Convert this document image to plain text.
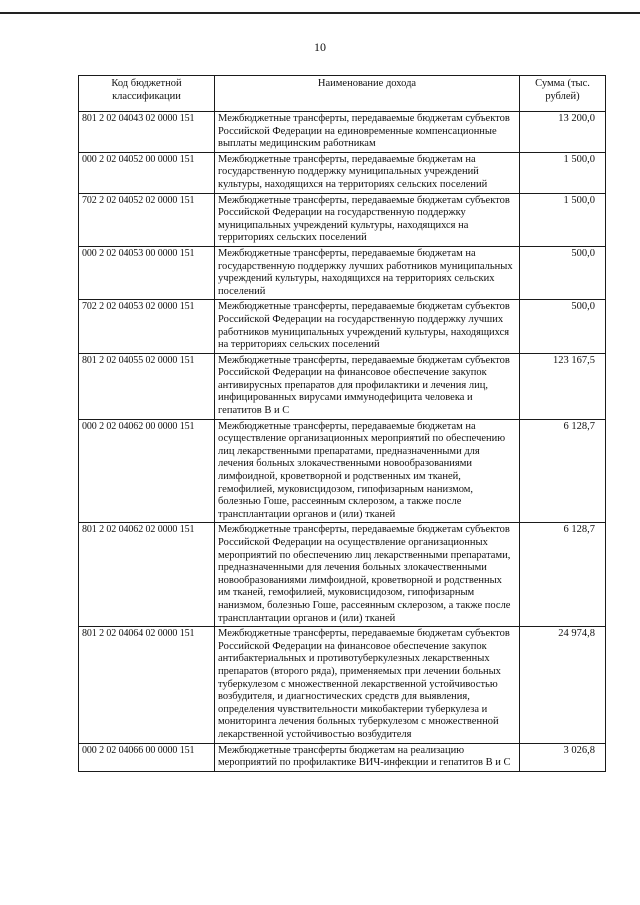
10
Код бюджетной классификации	Наименование дохода	Сумма (тыс. рублей)
801 2 02 04043 02 0000 151	Межбюджетные трансферты, передаваемые бюджетам субъектов Российской Федерации на единовременные компенсационные выплаты медицинским работникам	13 200,0
000 2 02 04052 00 0000 151	Межбюджетные трансферты, передаваемые бюджетам на государственную поддержку муниципальных учреждений культуры, находящихся на территориях сельских поселений	1 500,0
702 2 02 04052 02 0000 151	Межбюджетные трансферты, передаваемые бюджетам субъектов Российской Федерации на государственную поддержку муниципальных учреждений культуры, находящихся на территориях сельских поселений	1 500,0
000 2 02 04053 00 0000 151	Межбюджетные трансферты, передаваемые бюджетам на государственную поддержку лучших работников муниципальных учреждений культуры, находящихся на территориях сельских поселений	500,0
702 2 02 04053 02 0000 151	Межбюджетные трансферты, передаваемые бюджетам субъектов Российской Федерации на государственную поддержку лучших работников муниципальных учреждений культуры, находящихся на территориях сельских поселений	500,0
801 2 02 04055 02 0000 151	Межбюджетные трансферты, передаваемые бюджетам субъектов Российской Федерации на финансовое обеспечение закупок антивирусных препаратов для профилактики и лечения лиц, инфицированных вирусами иммунодефицита человека и гепатитов В и С	123 167,5
000 2 02 04062 00 0000 151	Межбюджетные трансферты, передаваемые бюджетам на осуществление организационных мероприятий по обеспечению лиц лекарственными препаратами, предназначенными для лечения больных злокачественными новообразованиями лимфоидной, кроветворной и родственных им тканей, гемофилией, муковисцидозом, гипофизарным нанизмом, болезнью Гоше, рассеянным склерозом, а также после трансплантации органов и (или) тканей	6 128,7
801 2 02 04062 02 0000 151	Межбюджетные трансферты, передаваемые бюджетам субъектов Российской Федерации на осуществление организационных мероприятий по обеспечению лиц лекарственными препаратами, предназначенными для лечения больных злокачественными новообразованиями лимфоидной, кроветворной и родственных им тканей, гемофилией, муковисцидозом, гипофизарным нанизмом, болезнью Гоше, рассеянным склерозом, а также после трансплантации органов и (или) тканей	6 128,7
801 2 02 04064 02 0000 151	Межбюджетные трансферты, передаваемые бюджетам субъектов Российской Федерации на финансовое обеспечение закупок антибактериальных и противотуберкулезных лекарственных препаратов (второго ряда), применяемых при лечении больных туберкулезом с множественной лекарственной устойчивостью возбудителя, и диагностических средств для выявления, определения чувствительности микобактерии туберкулеза и мониторинга лечения больных туберкулезом с множественной лекарственной устойчивостью возбудителя	24 974,8
000 2 02 04066 00 0000 151	Межбюджетные трансферты бюджетам на реализацию мероприятий по профилактике ВИЧ-инфекции и гепатитов В и С	3 026,8
